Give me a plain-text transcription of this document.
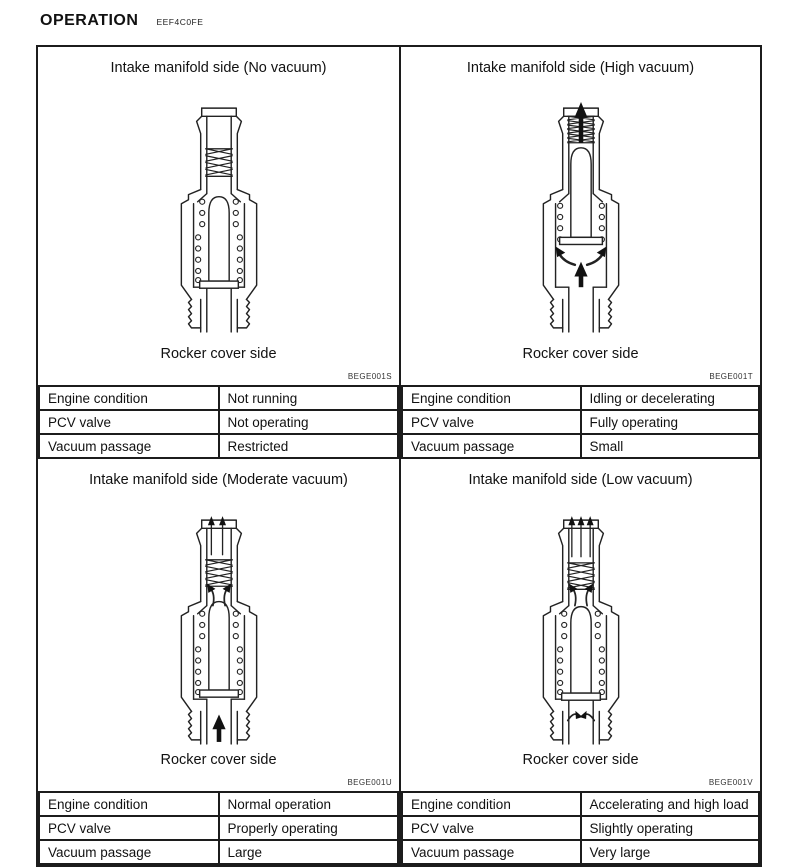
OPERATION EEF4C0FE
Intake manifold side (No vacuum)
Rocker cover side
BEGE001S
Engine condition	Not running
PCV valve	Not operating
Vacuum passage	Restricted
Intake manifold side (High vacuum)
Rocker cover side
BEGE001T
Engine condition	Idling or decelerating
PCV valve	Fully operating
Vacuum passage	Small
Intake manifold side (Moderate vacuum)
Rocker cover side
BEGE001U
Engine condition	Normal operation
PCV valve	Properly operating
Vacuum passage	Large
Intake manifold side (Low vacuum)
Rocker cover side
BEGE001V
Engine condition	Accelerating and high load
PCV valve	Slightly operating
Vacuum passage	Very large
